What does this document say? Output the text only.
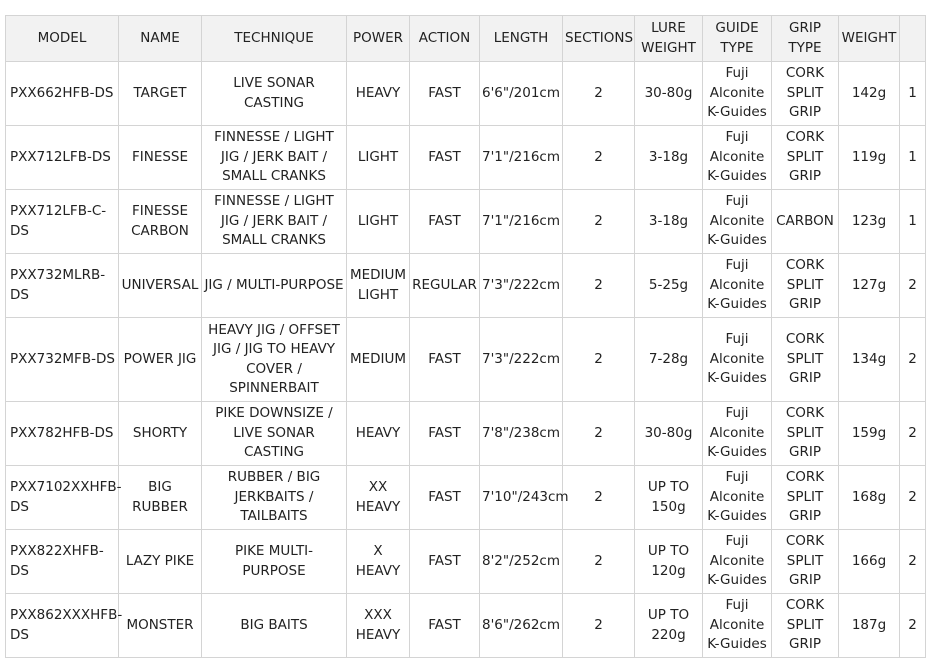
MODEL	NAME	TECHNIQUE	POWER	ACTION	LENGTH	SECTIONS	LURE WEIGHT	GUIDE TYPE	GRIP TYPE	WEIGHT	
PXX662HFB-DS	TARGET	LIVE SONAR CASTING	HEAVY	FAST	6'6"/201cm	2	30-80g	Fuji Alconite K-Guides	CORK SPLIT GRIP	142g	1
PXX712LFB-DS	FINESSE	FINNESSE / LIGHT JIG / JERK BAIT / SMALL CRANKS	LIGHT	FAST	7'1"/216cm	2	3-18g	Fuji Alconite K-Guides	CORK SPLIT GRIP	119g	1
PXX712LFB-C-DS	FINESSE CARBON	FINNESSE / LIGHT JIG / JERK BAIT / SMALL CRANKS	LIGHT	FAST	7'1"/216cm	2	3-18g	Fuji Alconite K-Guides	CARBON	123g	1
PXX732MLRB-DS	UNIVERSAL	JIG / MULTI-PURPOSE	MEDIUM LIGHT	REGULAR	7'3"/222cm	2	5-25g	Fuji Alconite K-Guides	CORK SPLIT GRIP	127g	2
PXX732MFB-DS	POWER JIG	HEAVY JIG / OFFSET JIG / JIG TO HEAVY COVER / SPINNERBAIT	MEDIUM	FAST	7'3"/222cm	2	7-28g	Fuji Alconite K-Guides	CORK SPLIT GRIP	134g	2
PXX782HFB-DS	SHORTY	PIKE DOWNSIZE / LIVE SONAR CASTING	HEAVY	FAST	7'8"/238cm	2	30-80g	Fuji Alconite K-Guides	CORK SPLIT GRIP	159g	2
PXX7102XXHFB-DS	BIG RUBBER	RUBBER / BIG JERKBAITS / TAILBAITS	XX HEAVY	FAST	7'10"/243cm	2	UP TO 150g	Fuji Alconite K-Guides	CORK SPLIT GRIP	168g	2
PXX822XHFB-DS	LAZY PIKE	PIKE MULTI-PURPOSE	X HEAVY	FAST	8'2"/252cm	2	UP TO 120g	Fuji Alconite K-Guides	CORK SPLIT GRIP	166g	2
PXX862XXXHFB-DS	MONSTER	BIG BAITS	XXX HEAVY	FAST	8'6"/262cm	2	UP TO 220g	Fuji Alconite K-Guides	CORK SPLIT GRIP	187g	2
